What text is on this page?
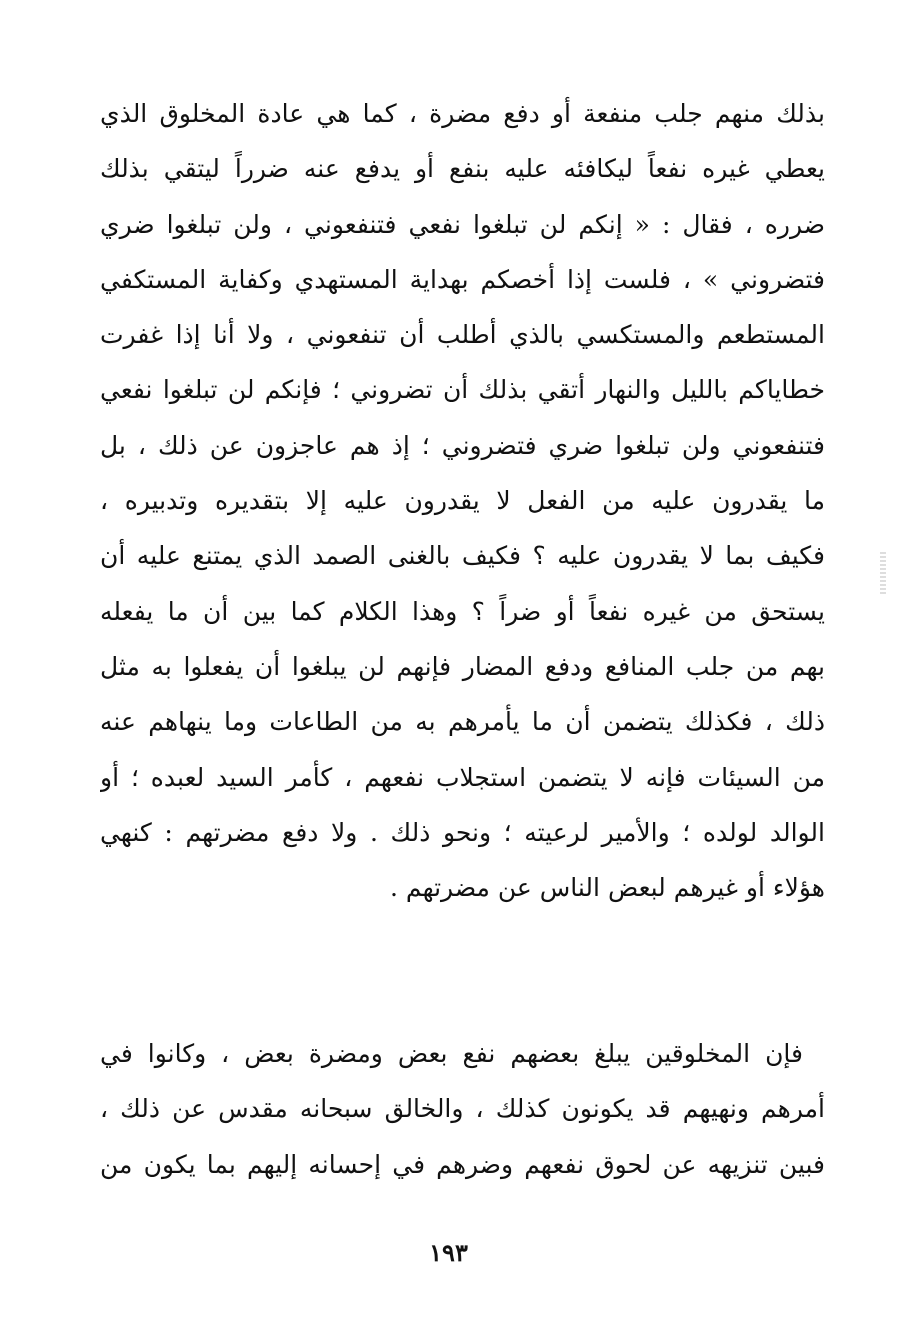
بذلك منهم جلب منفعة أو دفع مضرة ، كما هي عادة المخلوق الذي
يعطي غيره نفعاً ليكافئه عليه بنفع أو يدفع عنه ضرراً ليتقي بذلك
ضرره ، فقال : « إنكم لن تبلغوا نفعي فتنفعوني ، ولن تبلغوا ضري
فتضروني » ، فلست إذا أخصكم بهداية المستهدي وكفاية المستكفي
المستطعم والمستكسي بالذي أطلب أن تنفعوني ، ولا أنا إذا غفرت
خطاياكم بالليل والنهار أتقي بذلك أن تضروني ؛ فإنكم لن تبلغوا نفعي
فتنفعوني ولن تبلغوا ضري فتضروني ؛ إذ هم عاجزون عن ذلك ، بل
ما يقدرون عليه من الفعل لا يقدرون عليه إلا بتقديره وتدبيره ،
فكيف بما لا يقدرون عليه ؟ فكيف بالغنى الصمد الذي يمتنع عليه أن
يستحق من غيره نفعاً أو ضراً ؟ وهذا الكلام كما بين أن ما يفعله
بهم من جلب المنافع ودفع المضار فإنهم لن يبلغوا أن يفعلوا به مثل
ذلك ، فكذلك يتضمن أن ما يأمرهم به من الطاعات وما ينهاهم عنه
من السيئات فإنه لا يتضمن استجلاب نفعهم ، كأمر السيد لعبده ؛ أو
الوالد لولده ؛ والأمير لرعيته ؛ ونحو ذلك . ولا دفع مضرتهم : كنهي
هؤلاء أو غيرهم لبعض الناس عن مضرتهم .
فإن المخلوقين يبلغ بعضهم نفع بعض ومضرة بعض ، وكانوا في
أمرهم ونهيهم قد يكونون كذلك ، والخالق سبحانه مقدس عن ذلك ،
فبين تنزيهه عن لحوق نفعهم وضرهم في إحسانه إليهم بما يكون من
١٩٣
